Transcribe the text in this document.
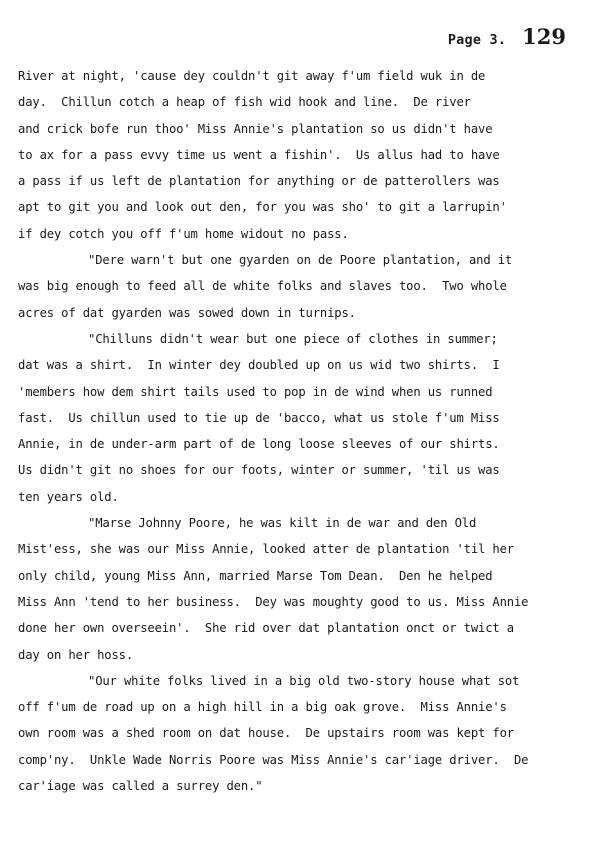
Page 3. 129
River at night, 'cause dey couldn't git away f'um field wuk in de
day.  Chillun cotch a heap of fish wid hook and line.  De river
and crick bofe run thoo' Miss Annie's plantation so us didn't have
to ax for a pass evvy time us went a fishin'.  Us allus had to have
a pass if us left de plantation for anything or de patterollers was
apt to git you and look out den, for you was sho' to git a larrupin'
if dey cotch you off f'um home widout no pass.
"Dere warn't but one gyarden on de Poore plantation, and it
was big enough to feed all de white folks and slaves too.  Two whole
acres of dat gyarden was sowed down in turnips.
"Chilluns didn't wear but one piece of clothes in summer;
dat was a shirt.  In winter dey doubled up on us wid two shirts.  I
'members how dem shirt tails used to pop in de wind when us runned
fast.  Us chillun used to tie up de 'bacco, what us stole f'um Miss
Annie, in de under-arm part of de long loose sleeves of our shirts.
Us didn't git no shoes for our foots, winter or summer, 'til us was
ten years old.
"Marse Johnny Poore, he was kilt in de war and den Old
Mist'ess, she was our Miss Annie, looked atter de plantation 'til her
only child, young Miss Ann, married Marse Tom Dean.  Den he helped
Miss Ann 'tend to her business.  Dey was moughty good to us. Miss Annie
done her own overseein'.  She rid over dat plantation onct or twict a
day on her hoss.
"Our white folks lived in a big old two-story house what sot
off f'um de road up on a high hill in a big oak grove.  Miss Annie's
own room was a shed room on dat house.  De upstairs room was kept for
comp'ny.  Unkle Wade Norris Poore was Miss Annie's car'iage driver.  De
car'iage was called a surrey den."
